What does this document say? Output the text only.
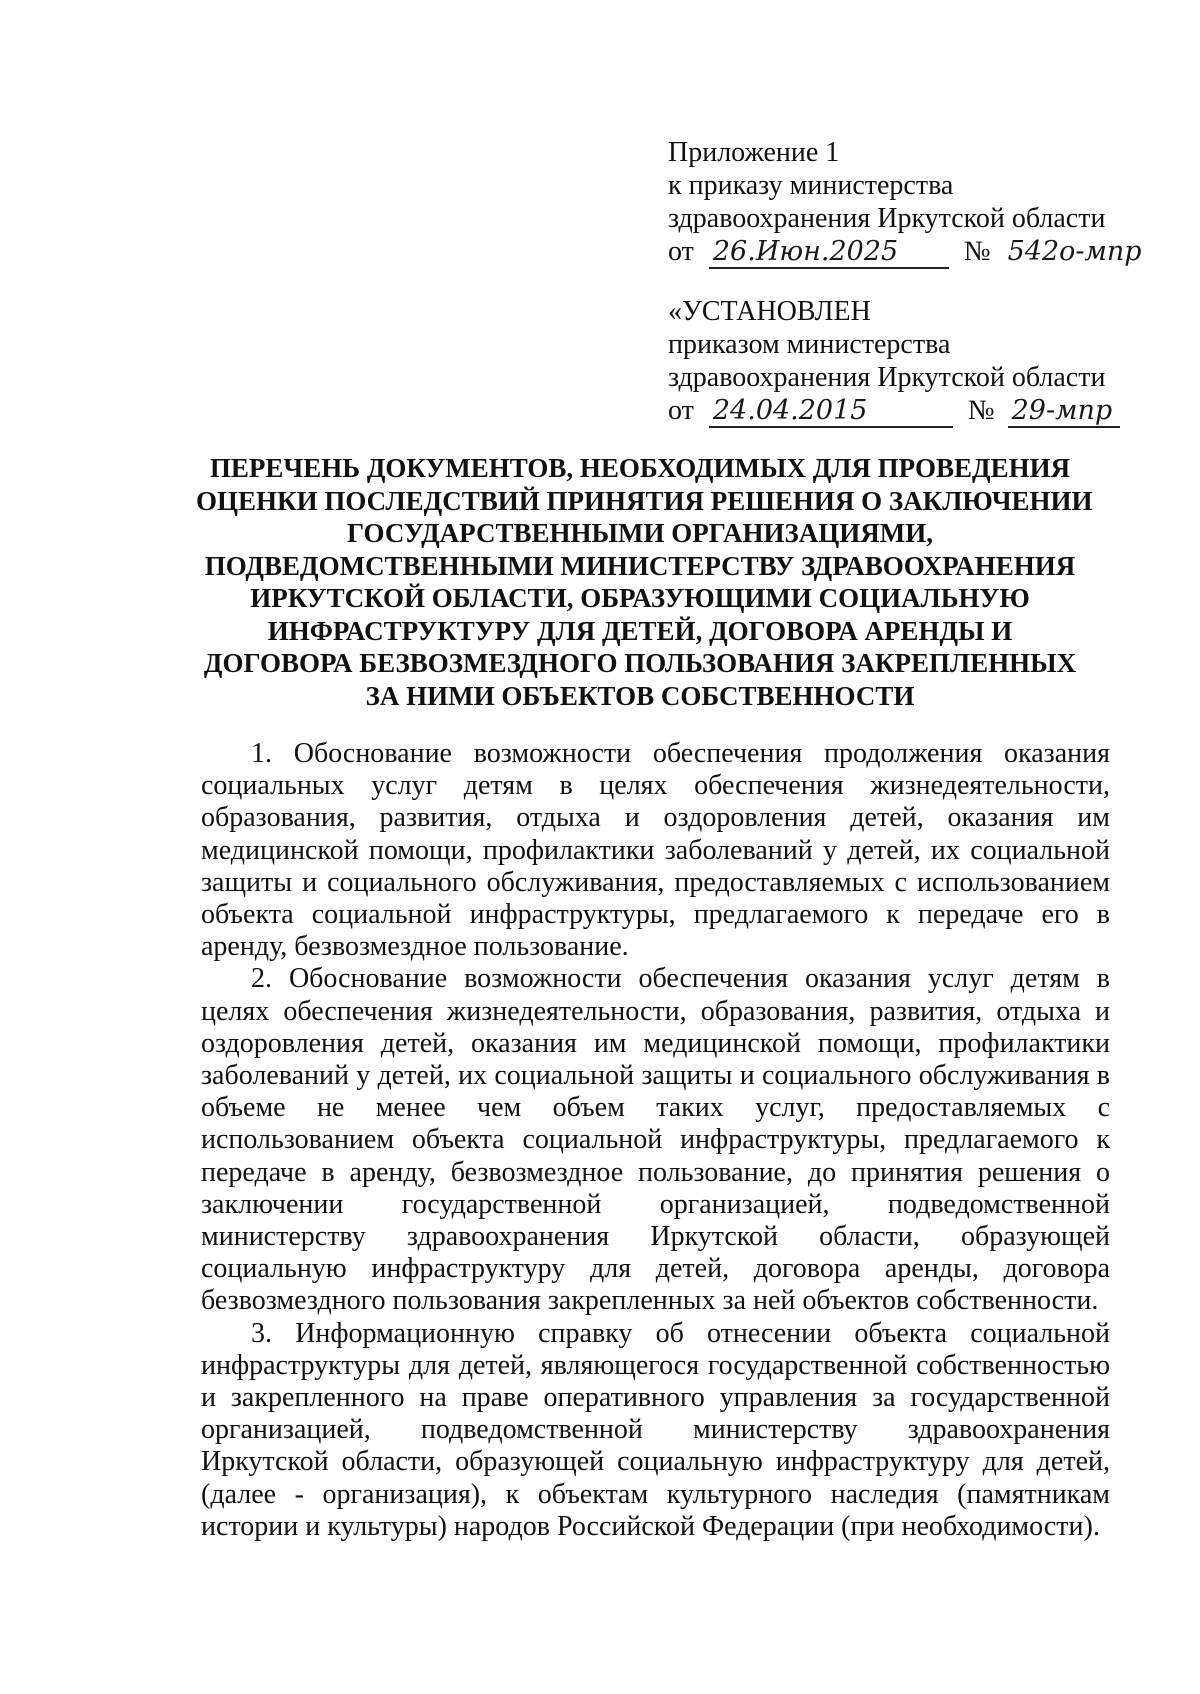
Приложение 1
к приказу министерства
здравоохранения Иркутской области
от 26.Июн.2025 № 542о-мпр
«УСТАНОВЛЕН
приказом министерства
здравоохранения Иркутской области
от 24.04.2015	№ 29-мпр
ПЕРЕЧЕНЬ ДОКУМЕНТОВ, НЕОБХОДИМЫХ ДЛЯ ПРОВЕДЕНИЯ
ОЦЕНКИ ПОСЛЕДСТВИЙ ПРИНЯТИЯ РЕШЕНИЯ О ЗАКЛЮЧЕНИИ
ГОСУДАРСТВЕННЫМИ ОРГАНИЗАЦИЯМИ,
ПОДВЕДОМСТВЕННЫМИ МИНИСТЕРСТВУ ЗДРАВООХРАНЕНИЯ
ИРКУТСКОЙ ОБЛАСТИ, ОБРАЗУЮЩИМИ СОЦИАЛЬНУЮ
ИНФРАСТРУКТУРУ ДЛЯ ДЕТЕЙ, ДОГОВОРА АРЕНДЫ И
ДОГОВОРА БЕЗВОЗМЕЗДНОГО ПОЛЬЗОВАНИЯ ЗАКРЕПЛЕННЫХ
ЗА НИМИ ОБЪЕКТОВ СОБСТВЕННОСТИ

1. Обоснование возможности обеспечения продолжения оказания социальных услуг детям в целях обеспечения жизнедеятельности, образования, развития, отдыха и оздоровления детей, оказания им медицинской помощи, профилактики заболеваний у детей, их социальной защиты и социального обслуживания, предоставляемых с использованием объекта социальной инфраструктуры, предлагаемого к передаче его в аренду, безвозмездное пользование.

2. Обоснование возможности обеспечения оказания услуг детям в целях обеспечения жизнедеятельности, образования, развития, отдыха и оздоровления детей, оказания им медицинской помощи, профилактики заболеваний у детей, их социальной защиты и социального обслуживания в объеме не менее чем объем таких услуг, предоставляемых с использованием объекта социальной инфраструктуры, предлагаемого к передаче в аренду, безвозмездное пользование, до принятия решения о заключении государственной организацией, подведомственной министерству здравоохранения Иркутской области, образующей социальную инфраструктуру для детей, договора аренды, договора безвозмездного пользования закрепленных за ней объектов собственности.

3. Информационную справку об отнесении объекта социальной инфраструктуры для детей, являющегося государственной собственностью и закрепленного на праве оперативного управления за государственной организацией, подведомственной министерству здравоохранения Иркутской области, образующей социальную инфраструктуру для детей, (далее - организация), к объектам культурного наследия (памятникам истории и культуры) народов Российской Федерации (при необходимости).
